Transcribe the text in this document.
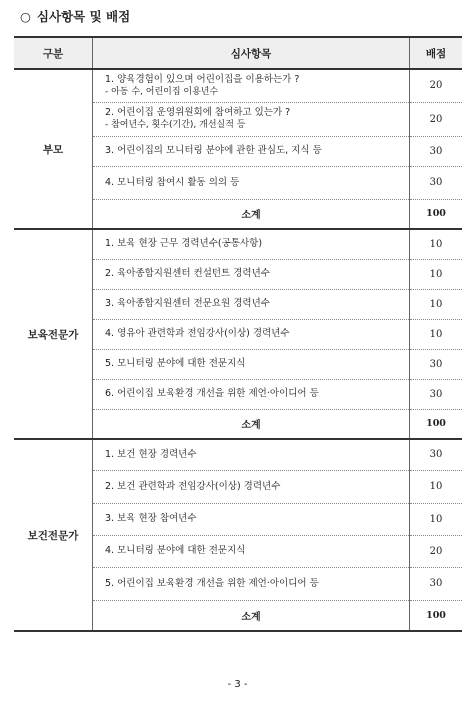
○ 심사항목 및 배점
구분	심사항목	배점
부모	1. 양육경험이 있으며 어린이집을 이용하는가 ?
- 아동 수, 어린이집 이용년수	20
	2. 어린이집 운영위원회에 참여하고 있는가 ?
- 참여년수, 횟수(기간), 개선실적 등	20
	3. 어린이집의 모니터링 분야에 관한 관심도, 지식 등	30
	4. 모니터링 참여시 활동 의의 등	30
	소계	100
보육전문가	1. 보육 현장 근무 경력년수(공통사항)	10
	2. 육아종합지원센터 컨설턴트 경력년수	10
	3. 육아종합지원센터 전문요원 경력년수	10
	4. 영유아 관련학과 전임강사(이상) 경력년수	10
	5. 모니터링 분야에 대한 전문지식	30
	6. 어린이집 보육환경 개선을 위한 제언·아이디어 등	30
	소계	100
보건전문가	1. 보건 현장 경력년수	30
	2. 보건 관련학과 전임강사(이상) 경력년수	10
	3. 보육 현장 참여년수	10
	4. 모니터링 분야에 대한 전문지식	20
	5. 어린이집 보육환경 개선을 위한 제언·아이디어 등	30
	소계	100
- 3 -
